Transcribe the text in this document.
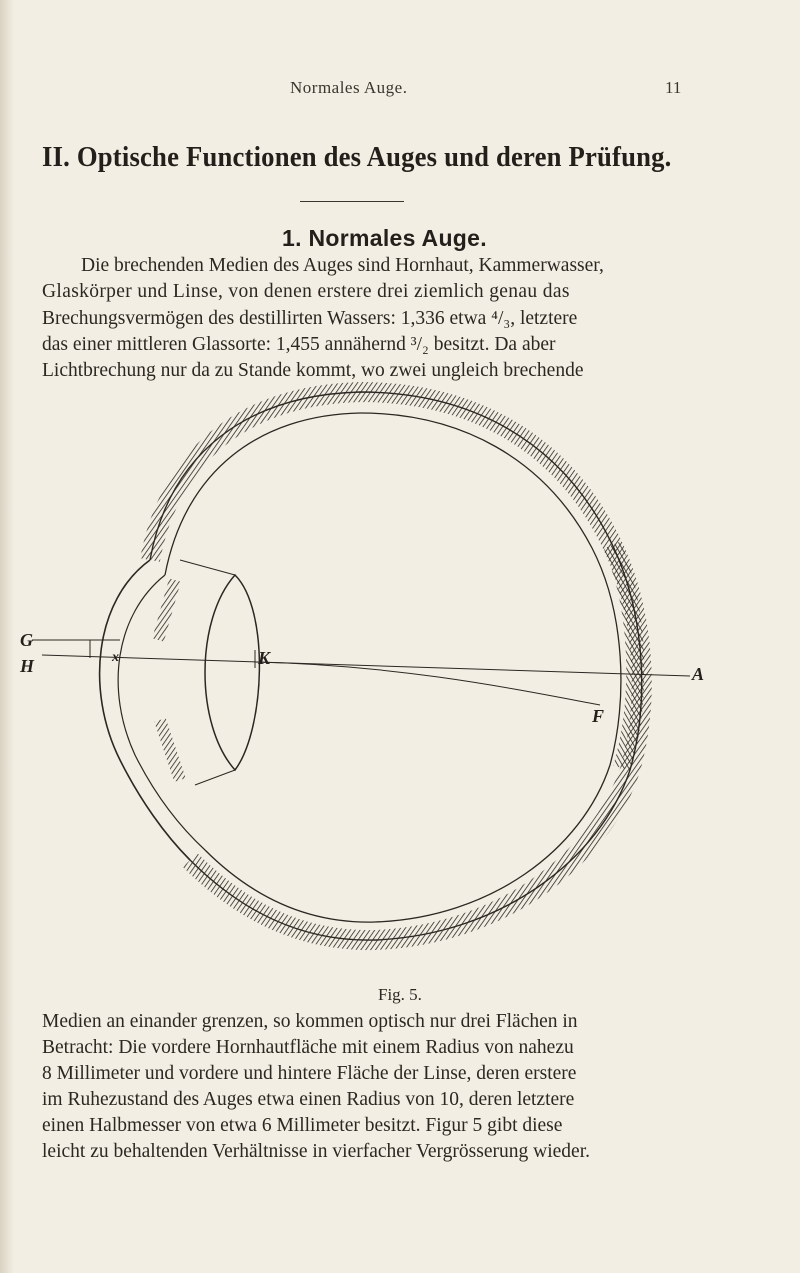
Normales Auge.	11
II. Optische Functionen des Auges und deren Prüfung.
1. Normales Auge.
Die brechenden Medien des Auges sind Hornhaut, Kammerwasser,
Glaskörper und Linse, von denen erstere drei ziemlich genau das
Brechungsvermögen des destillirten Wassers: 1,336 etwa ⁴/₃, letztere
das einer mittleren Glassorte: 1,455 annähernd ³/₂ besitzt. Da aber
Lichtbrechung nur da zu Stande kommt, wo zwei ungleich brechende
G
H	x	K
F
A
Fig. 5.
Medien an einander grenzen, so kommen optisch nur drei Flächen in
Betracht: Die vordere Hornhautfläche mit einem Radius von nahezu
8 Millimeter und vordere und hintere Fläche der Linse, deren erstere
im Ruhezustand des Auges etwa einen Radius von 10, deren letztere
einen Halbmesser von etwa 6 Millimeter besitzt. Figur 5 gibt diese
leicht zu behaltenden Verhältnisse in vierfacher Vergrösserung wieder.
